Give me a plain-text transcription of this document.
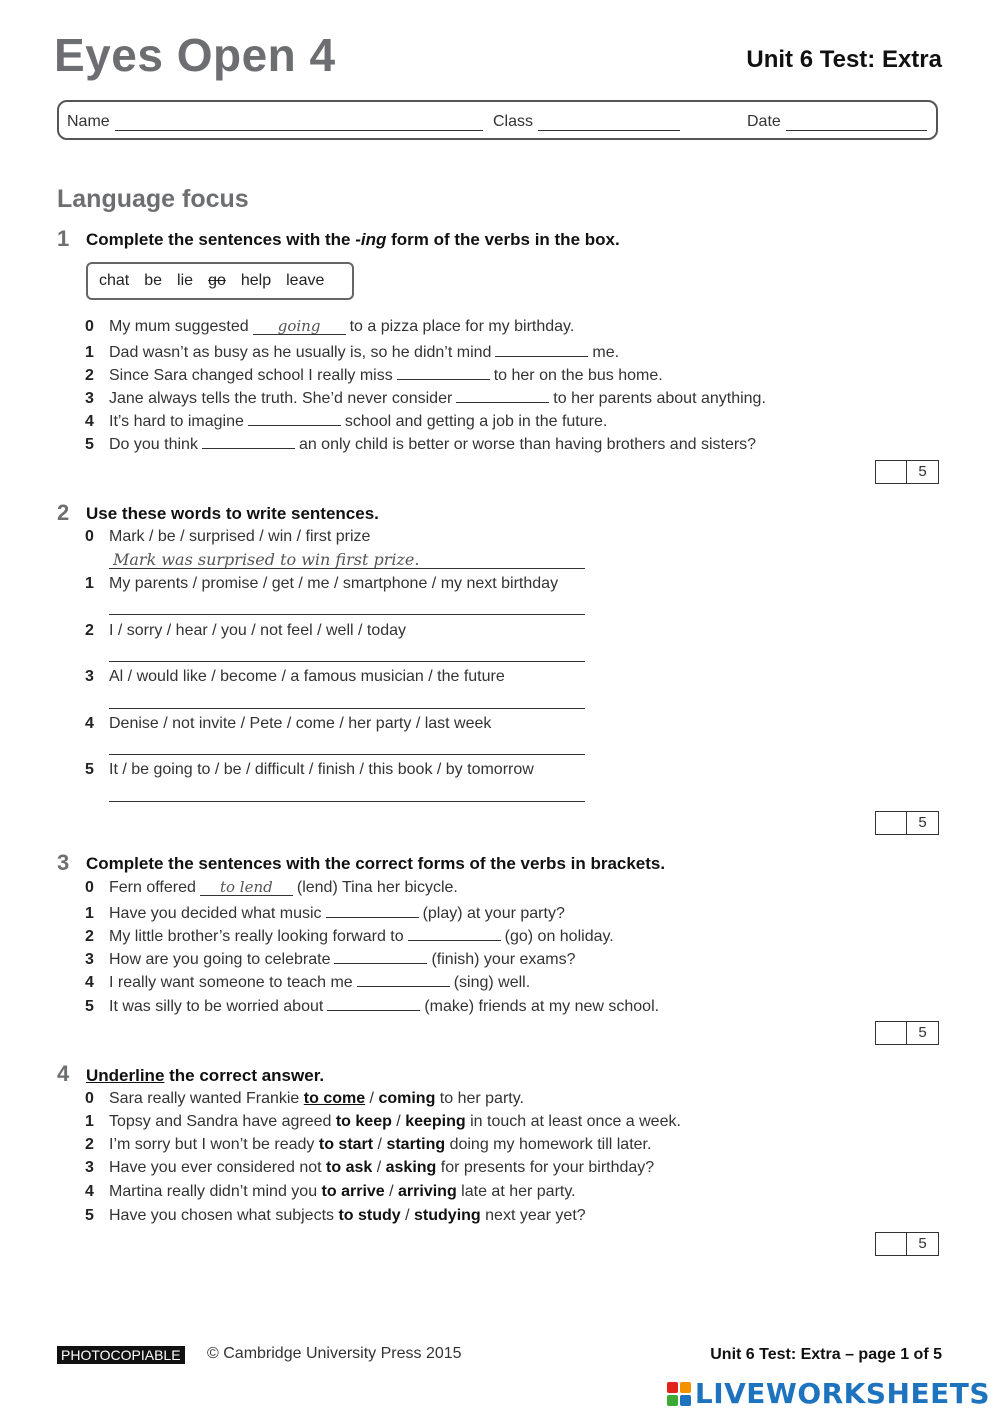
Eyes Open 4	Unit 6 Test: Extra
Name	Class	Date
Language focus
1 Complete the sentences with the -ing form of the verbs in the box.
chat be lie go help leave
0 My mum suggested going to a pizza place for my birthday.
1 Dad wasn’t as busy as he usually is, so he didn’t mind	me.
2 Since Sara changed school I really miss	to her on the bus home.
3 Jane always tells the truth. She’d never consider	to her parents about anything.
4 It’s hard to imagine	school and getting a job in the future.
5 Do you think	an only child is better or worse than having brothers and sisters?
5
2 Use these words to write sentences.
0 Mark / be / surprised / win / first prize
Mark was surprised to win first prize.
1 My parents / promise / get / me / smartphone / my next birthday
2 I / sorry / hear / you / not feel / well / today
3 Al / would like / become / a famous musician / the future
4 Denise / not invite / Pete / come / her party / last week
5 It / be going to / be / difficult / finish / this book / by tomorrow
5
3 Complete the sentences with the correct forms of the verbs in brackets.
0 Fern offered to lend (lend) Tina her bicycle.
1 Have you decided what music	(play) at your party?
2 My little brother’s really looking forward to	(go) on holiday.
3 How are you going to celebrate	(finish) your exams?
4 I really want someone to teach me	(sing) well.
5 It was silly to be worried about	(make) friends at my new school.
5
4 Underline the correct answer.
0 Sara really wanted Frankie to come / coming to her party.
1 Topsy and Sandra have agreed to keep / keeping in touch at least once a week.
2 I’m sorry but I won’t be ready to start / starting doing my homework till later.
3 Have you ever considered not to ask / asking for presents for your birthday?
4 Martina really didn’t mind you to arrive / arriving late at her party.
5 Have you chosen what subjects to study / studying next year yet?
5
PHOTOCOPIABLE © Cambridge University Press 2015	Unit 6 Test: Extra – page 1 of 5
LIVEWORKSHEETS
